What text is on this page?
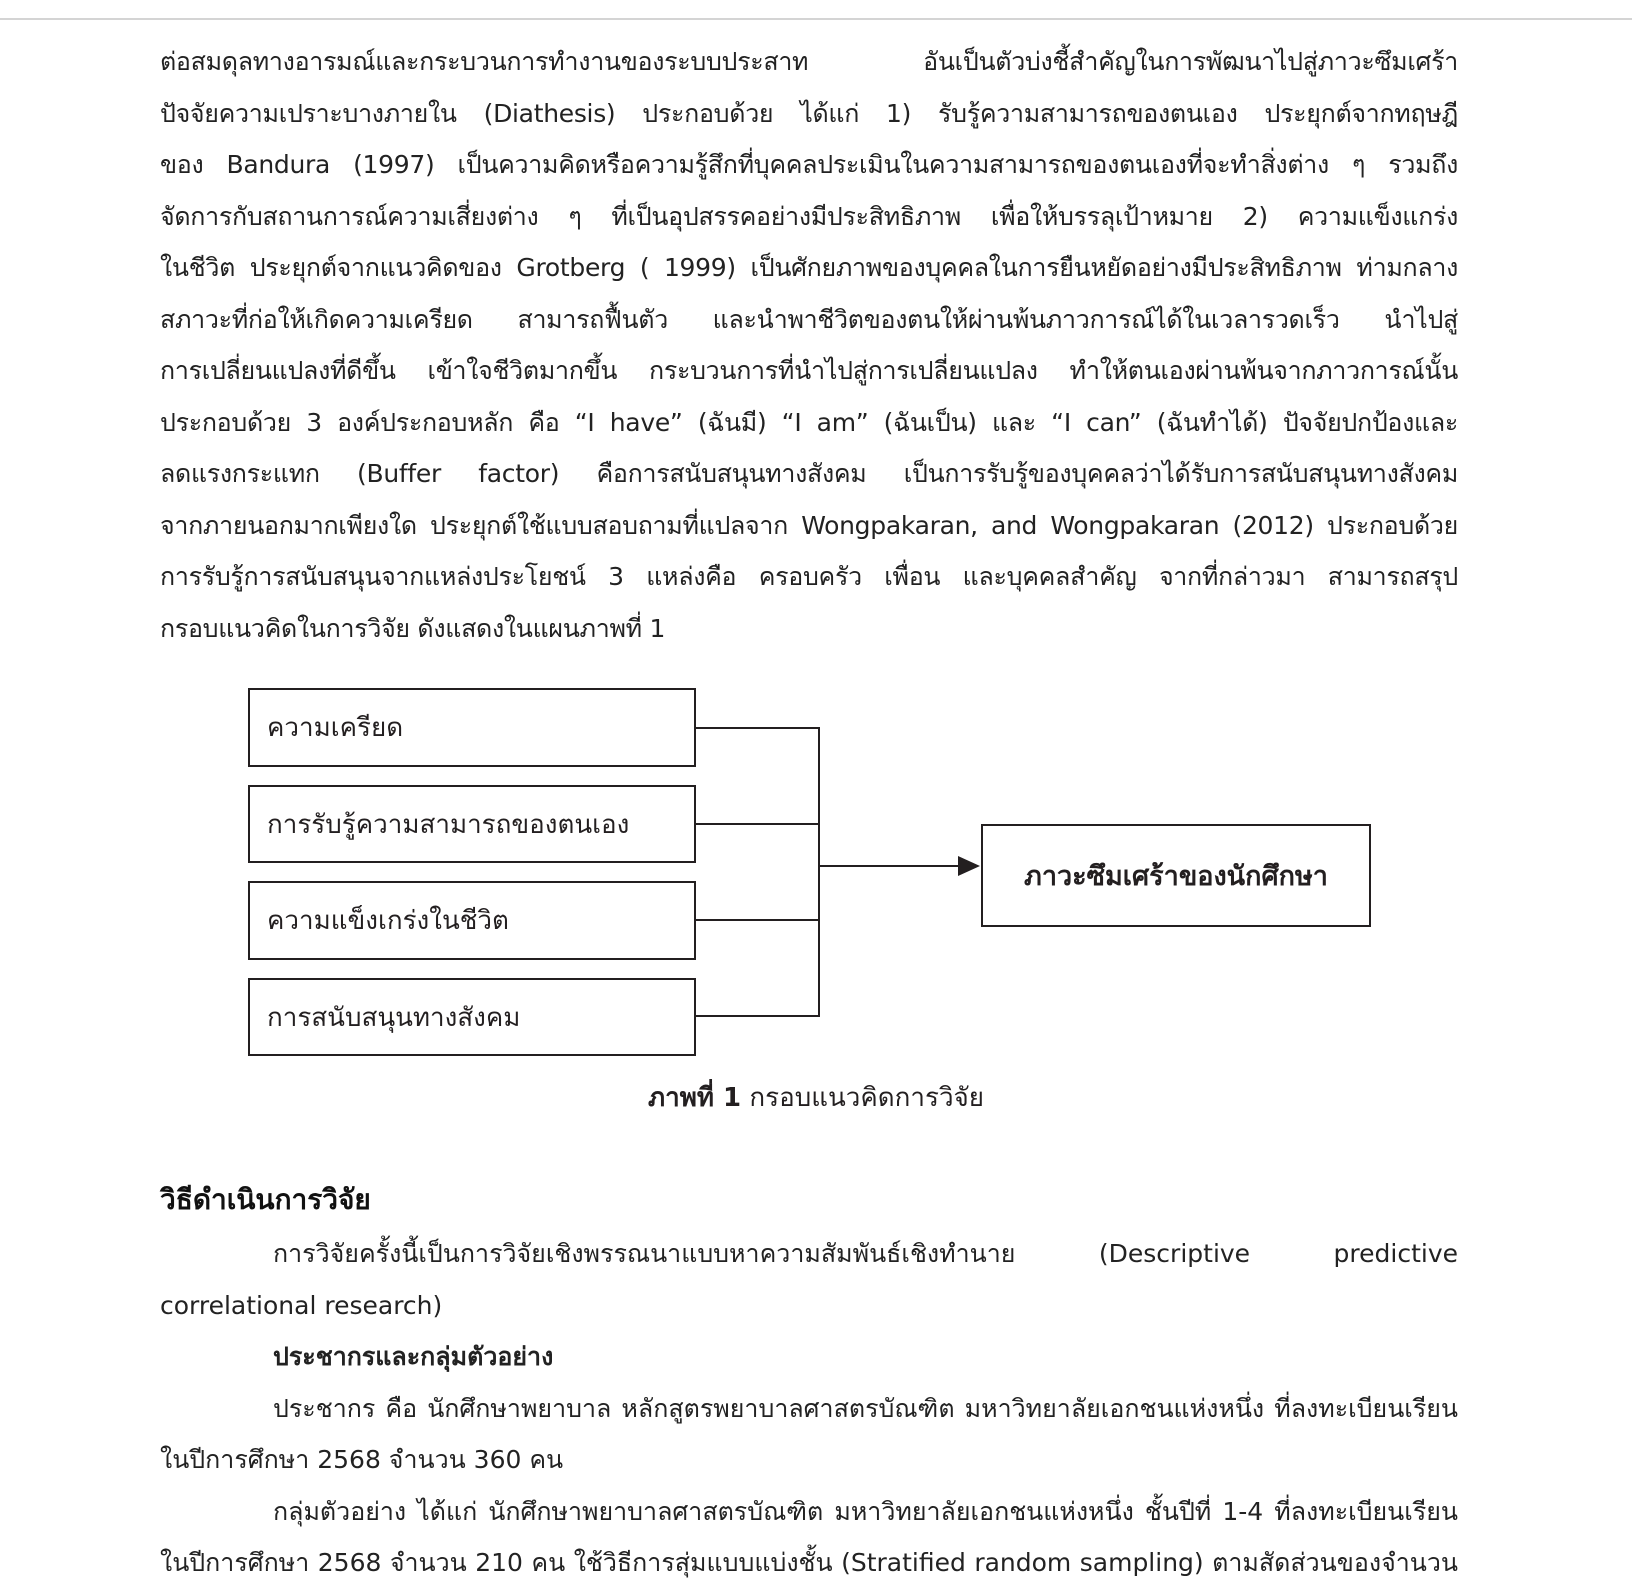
ต่อสมดุลทางอารมณ์และกระบวนการทำงานของระบบประสาท อันเป็นตัวบ่งชี้สำคัญในการพัฒนาไปสู่ภาวะซึมเศร้า

ปัจจัยความเปราะบางภายใน (Diathesis) ประกอบด้วย ได้แก่ 1) รับรู้ความสามารถของตนเอง ประยุกต์จากทฤษฎี

ของ Bandura (1997) เป็นความคิดหรือความรู้สึกที่บุคคลประเมินในความสามารถของตนเองที่จะทำสิ่งต่าง ๆ รวมถึง

จัดการกับสถานการณ์ความเสี่ยงต่าง ๆ ที่เป็นอุปสรรคอย่างมีประสิทธิภาพ เพื่อให้บรรลุเป้าหมาย 2) ความแข็งแกร่ง

ในชีวิต ประยุกต์จากแนวคิดของ Grotberg ( 1999) เป็นศักยภาพของบุคคลในการยืนหยัดอย่างมีประสิทธิภาพ ท่ามกลาง

สภาวะที่ก่อให้เกิดความเครียด สามารถฟื้นตัว และนำพาชีวิตของตนให้ผ่านพ้นภาวการณ์ได้ในเวลารวดเร็ว นำไปสู่

การเปลี่ยนแปลงที่ดีขึ้น เข้าใจชีวิตมากขึ้น กระบวนการที่นำไปสู่การเปลี่ยนแปลง ทำให้ตนเองผ่านพ้นจากภาวการณ์นั้น

ประกอบด้วย 3 องค์ประกอบหลัก คือ “I have” (ฉันมี) “I am” (ฉันเป็น) และ “I can” (ฉันทำได้) ปัจจัยปกป้องและ

ลดแรงกระแทก (Buffer factor) คือการสนับสนุนทางสังคม เป็นการรับรู้ของบุคคลว่าได้รับการสนับสนุนทางสังคม

จากภายนอกมากเพียงใด ประยุกต์ใช้แบบสอบถามที่แปลจาก Wongpakaran, and Wongpakaran (2012) ประกอบด้วย

การรับรู้การสนับสนุนจากแหล่งประโยชน์ 3 แหล่งคือ ครอบครัว เพื่อน และบุคคลสำคัญ จากที่กล่าวมา สามารถสรุป

กรอบแนวคิดในการวิจัย ดังแสดงในแผนภาพที่ 1

ความเครียด
การรับรู้ความสามารถของตนเอง
ความแข็งเกร่งในชีวิต
การสนับสนุนทางสังคม
ภาวะซึมเศร้าของนักศึกษา
ภาพที่ 1 กรอบแนวคิดการวิจัย
วิธีดำเนินการวิจัย

การวิจัยครั้งนี้เป็นการวิจัยเชิงพรรณนาแบบหาความสัมพันธ์เชิงทำนาย (Descriptive predictive

correlational research)

ประชากรและกลุ่มตัวอย่าง

ประชากร คือ นักศึกษาพยาบาล หลักสูตรพยาบาลศาสตรบัณฑิต มหาวิทยาลัยเอกชนแห่งหนึ่ง ที่ลงทะเบียนเรียน

ในปีการศึกษา 2568 จำนวน 360 คน

กลุ่มตัวอย่าง ได้แก่ นักศึกษาพยาบาลศาสตรบัณฑิต มหาวิทยาลัยเอกชนแห่งหนึ่ง ชั้นปีที่ 1-4 ที่ลงทะเบียนเรียน

ในปีการศึกษา 2568 จำนวน 210 คน ใช้วิธีการสุ่มแบบแบ่งชั้น (Stratified random sampling) ตามสัดส่วนของจำนวน
